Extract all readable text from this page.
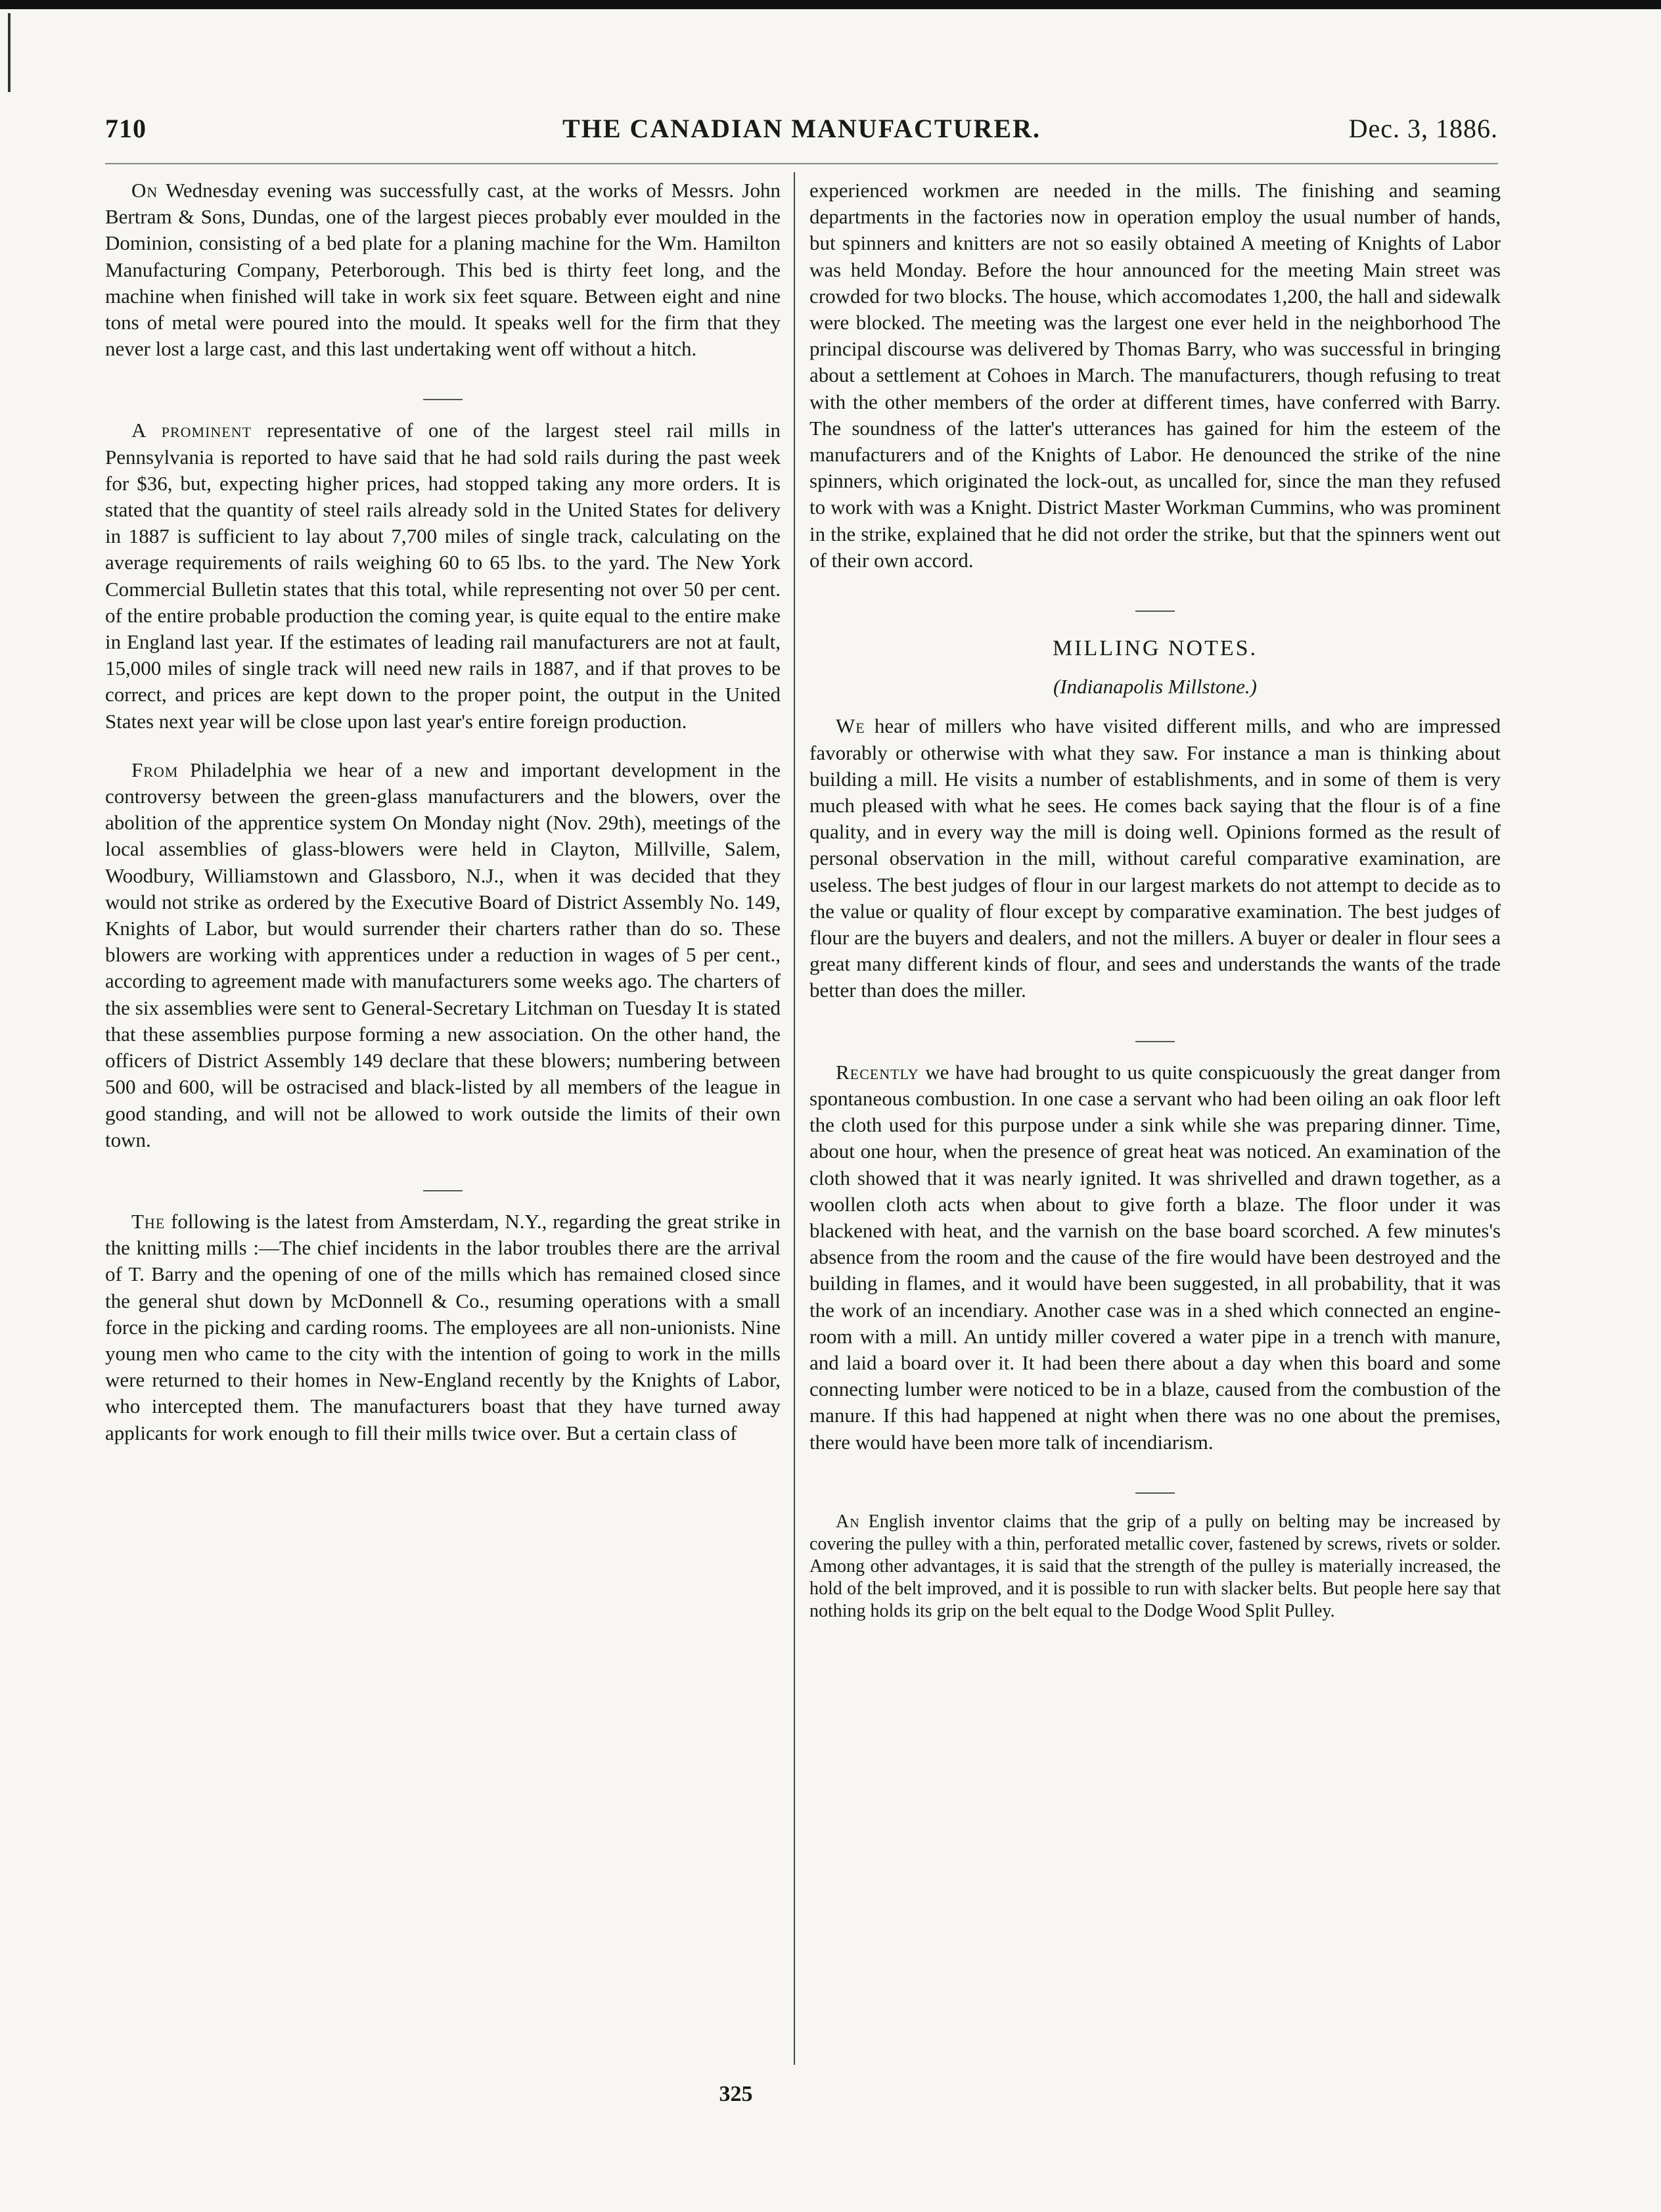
710	THE CANADIAN MANUFACTURER.	Dec. 3, 1886.

On Wednesday evening was successfully cast, at the works of Messrs. John Bertram & Sons, Dundas, one of the largest pieces probably ever moulded in the Dominion, consisting of a bed plate for a planing machine for the Wm. Hamilton Manufacturing Company, Peterborough. This bed is thirty feet long, and the machine when finished will take in work six feet square. Between eight and nine tons of metal were poured into the mould. It speaks well for the firm that they never lost a large cast, and this last undertaking went off without a hitch.

A prominent representative of one of the largest steel rail mills in Pennsylvania is reported to have said that he had sold rails during the past week for $36, but, expecting higher prices, had stopped taking any more orders. It is stated that the quantity of steel rails already sold in the United States for delivery in 1887 is sufficient to lay about 7,700 miles of single track, calculating on the average requirements of rails weighing 60 to 65 lbs. to the yard. The New York Commercial Bulletin states that this total, while representing not over 50 per cent. of the entire probable production the coming year, is quite equal to the entire make in England last year. If the estimates of leading rail manufacturers are not at fault, 15,000 miles of single track will need new rails in 1887, and if that proves to be correct, and prices are kept down to the proper point, the output in the United States next year will be close upon last year's entire foreign production.

From Philadelphia we hear of a new and important development in the controversy between the green-glass manufacturers and the blowers, over the abolition of the apprentice system On Monday night (Nov. 29th), meetings of the local assemblies of glass-blowers were held in Clayton, Millville, Salem, Woodbury, Williamstown and Glassboro, N.J., when it was decided that they would not strike as ordered by the Executive Board of District Assembly No. 149, Knights of Labor, but would surrender their charters rather than do so. These blowers are working with apprentices under a reduction in wages of 5 per cent., according to agreement made with manufacturers some weeks ago. The charters of the six assemblies were sent to General-Secretary Litchman on Tuesday It is stated that these assemblies purpose forming a new association. On the other hand, the officers of District Assembly 149 declare that these blowers; numbering between 500 and 600, will be ostracised and black-listed by all members of the league in good standing, and will not be allowed to work outside the limits of their own town.

The following is the latest from Amsterdam, N.Y., regarding the great strike in the knitting mills :—The chief incidents in the labor troubles there are the arrival of T. Barry and the opening of one of the mills which has remained closed since the general shut down by McDonnell & Co., resuming operations with a small force in the picking and carding rooms. The employees are all non-unionists. Nine young men who came to the city with the intention of going to work in the mills were returned to their homes in New-England recently by the Knights of Labor, who intercepted them. The manufacturers boast that they have turned away applicants for work enough to fill their mills twice over. But a certain class of

experienced workmen are needed in the mills. The finishing and seaming departments in the factories now in operation employ the usual number of hands, but spinners and knitters are not so easily obtained A meeting of Knights of Labor was held Monday. Before the hour announced for the meeting Main street was crowded for two blocks. The house, which accomodates 1,200, the hall and sidewalk were blocked. The meeting was the largest one ever held in the neighborhood The principal discourse was delivered by Thomas Barry, who was successful in bringing about a settlement at Cohoes in March. The manufacturers, though refusing to treat with the other members of the order at different times, have conferred with Barry. The soundness of the latter's utterances has gained for him the esteem of the manufacturers and of the Knights of Labor. He denounced the strike of the nine spinners, which originated the lock-out, as uncalled for, since the man they refused to work with was a Knight. District Master Workman Cummins, who was prominent in the strike, explained that he did not order the strike, but that the spinners went out of their own accord.

MILLING NOTES.
(Indianapolis Millstone.)

We hear of millers who have visited different mills, and who are impressed favorably or otherwise with what they saw. For instance a man is thinking about building a mill. He visits a number of establishments, and in some of them is very much pleased with what he sees. He comes back saying that the flour is of a fine quality, and in every way the mill is doing well. Opinions formed as the result of personal observation in the mill, without careful comparative examination, are useless. The best judges of flour in our largest markets do not attempt to decide as to the value or quality of flour except by comparative examination. The best judges of flour are the buyers and dealers, and not the millers. A buyer or dealer in flour sees a great many different kinds of flour, and sees and understands the wants of the trade better than does the miller.

Recently we have had brought to us quite conspicuously the great danger from spontaneous combustion. In one case a servant who had been oiling an oak floor left the cloth used for this purpose under a sink while she was preparing dinner. Time, about one hour, when the presence of great heat was noticed. An examination of the cloth showed that it was nearly ignited. It was shrivelled and drawn together, as a woollen cloth acts when about to give forth a blaze. The floor under it was blackened with heat, and the varnish on the base board scorched. A few minutes's absence from the room and the cause of the fire would have been destroyed and the building in flames, and it would have been suggested, in all probability, that it was the work of an incendiary. Another case was in a shed which connected an engine-room with a mill. An untidy miller covered a water pipe in a trench with manure, and laid a board over it. It had been there about a day when this board and some connecting lumber were noticed to be in a blaze, caused from the combustion of the manure. If this had happened at night when there was no one about the premises, there would have been more talk of incendiarism.

An English inventor claims that the grip of a pully on belting may be increased by covering the pulley with a thin, perforated metallic cover, fastened by screws, rivets or solder. Among other advantages, it is said that the strength of the pulley is materially increased, the hold of the belt improved, and it is possible to run with slacker belts. But people here say that nothing holds its grip on the belt equal to the Dodge Wood Split Pulley.

325
